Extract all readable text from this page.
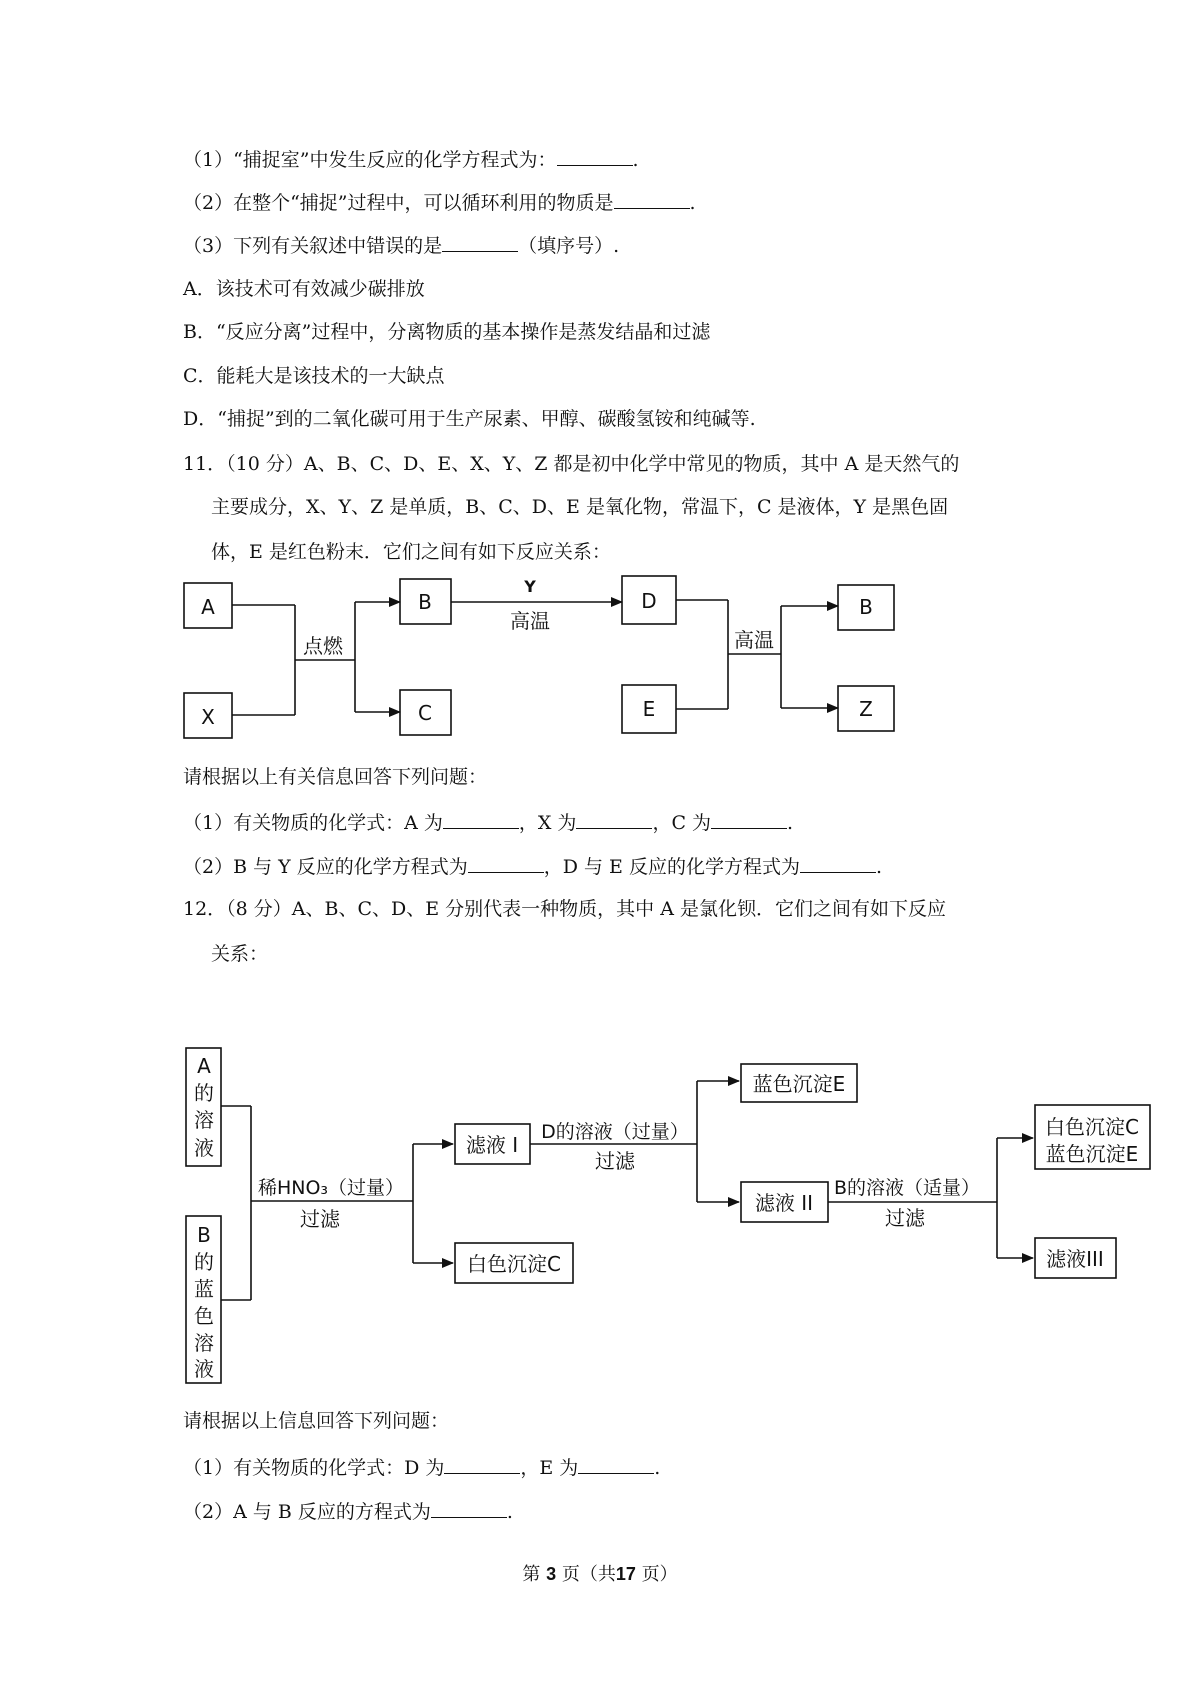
（1）“捕捉室”中发生反应的化学方程式为：	.
（2）在整个“捕捉”过程中，可以循环利用的物质是	.
（3）下列有关叙述中错误的是	（填序号）.
A．该技术可有效减少碳排放
B．“反应分离”过程中，分离物质的基本操作是蒸发结晶和过滤
C．能耗大是该技术的一大缺点
D．“捕捉”到的二氧化碳可用于生产尿素、甲醇、碳酸氢铵和纯碱等.
11．（10 分）A、B、C、D、E、X、Y、Z 都是初中化学中常见的物质，其中 A 是天然气的
主要成分，X、Y、Z 是单质，B、C、D、E 是氧化物，常温下，C 是液体，Y 是黑色固
体，E 是红色粉末．它们之间有如下反应关系：
A
X
B
C
D
E
B
Z
点燃
Y
高温
高温
A
的
溶
液
B
的
蓝
色
溶
液
稀HNO₃（过量）
过滤
滤液 I
白色沉淀C
D的溶液（过量）
过滤
蓝色沉淀E
滤液 II
B的溶液（适量）
过滤
白色沉淀C
蓝色沉淀E
滤液III
请根据以上有关信息回答下列问题：
（1）有关物质的化学式：A 为	，X 为	，C 为	.
（2）B 与 Y 反应的化学方程式为	，D 与 E 反应的化学方程式为	.
12．（8 分）A、B、C、D、E 分别代表一种物质，其中 A 是氯化钡．它们之间有如下反应
关系：
请根据以上信息回答下列问题：
（1）有关物质的化学式：D 为	，E 为	.
（2）A 与 B 反应的方程式为	.
第 3 页（共17 页）
